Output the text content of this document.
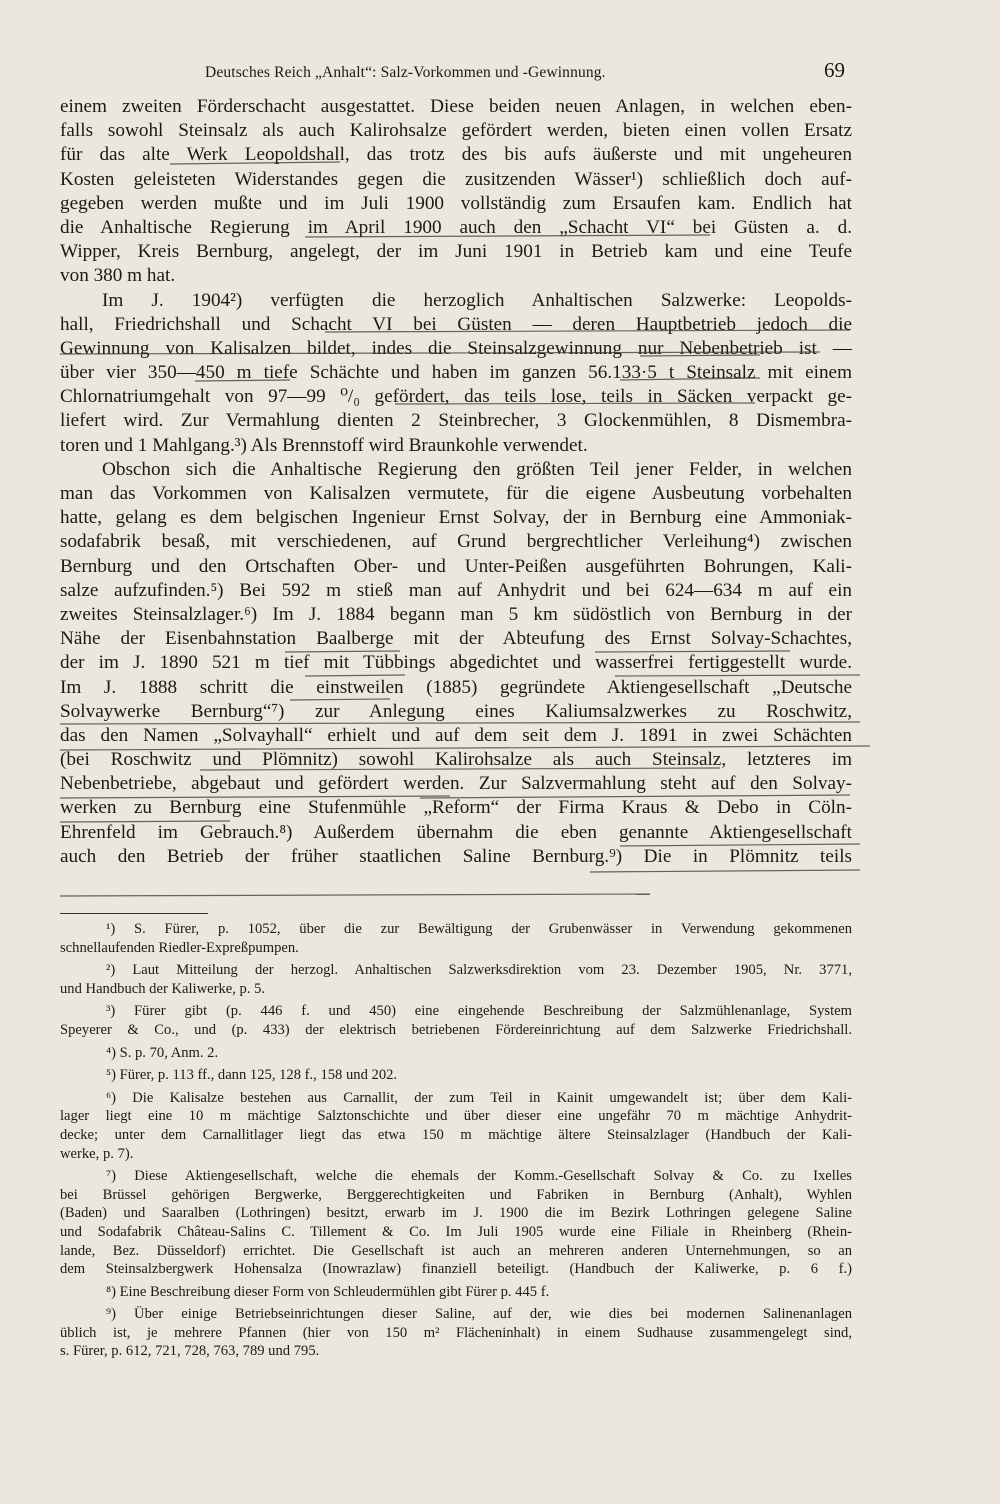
Deutsches Reich „Anhalt“: Salz-Vorkommen und -Gewinnung.	69
einem zweiten Förderschacht ausgestattet. Diese beiden neuen Anlagen, in welchen eben-
falls sowohl Steinsalz als auch Kalirohsalze gefördert werden, bieten einen vollen Ersatz
für das alte Werk Leopoldshall, das trotz des bis aufs äußerste und mit ungeheuren
Kosten geleisteten Widerstandes gegen die zusitzenden Wässer¹) schließlich doch auf-
gegeben werden mußte und im Juli 1900 vollständig zum Ersaufen kam. Endlich hat
die Anhaltische Regierung im April 1900 auch den „Schacht VI“ bei Güsten a. d.
Wipper, Kreis Bernburg, angelegt, der im Juni 1901 in Betrieb kam und eine Teufe
von 380 m hat.
Im J. 1904²) verfügten die herzoglich Anhaltischen Salzwerke: Leopolds-
hall, Friedrichshall und Schacht VI bei Güsten — deren Hauptbetrieb jedoch die
Gewinnung von Kalisalzen bildet, indes die Steinsalzgewinnung nur Nebenbetrieb ist —
über vier 350—450 m tiefe Schächte und haben im ganzen 56.133·5 t Steinsalz mit einem
Chlornatriumgehalt von 97—99 ⁰/₀ gefördert, das teils lose, teils in Säcken verpackt ge-
liefert wird. Zur Vermahlung dienten 2 Steinbrecher, 3 Glockenmühlen, 8 Dismembra-
toren und 1 Mahlgang.³) Als Brennstoff wird Braunkohle verwendet.
Obschon sich die Anhaltische Regierung den größten Teil jener Felder, in welchen
man das Vorkommen von Kalisalzen vermutete, für die eigene Ausbeutung vorbehalten
hatte, gelang es dem belgischen Ingenieur Ernst Solvay, der in Bernburg eine Ammoniak-
sodafabrik besaß, mit verschiedenen, auf Grund bergrechtlicher Verleihung⁴) zwischen
Bernburg und den Ortschaften Ober- und Unter-Peißen ausgeführten Bohrungen, Kali-
salze aufzufinden.⁵) Bei 592 m stieß man auf Anhydrit und bei 624—634 m auf ein
zweites Steinsalzlager.⁶) Im J. 1884 begann man 5 km südöstlich von Bernburg in der
Nähe der Eisenbahnstation Baalberge mit der Abteufung des Ernst Solvay-Schachtes,
der im J. 1890 521 m tief mit Tübbings abgedichtet und wasserfrei fertiggestellt wurde.
Im J. 1888 schritt die einstweilen (1885) gegründete Aktiengesellschaft „Deutsche
Solvaywerke Bernburg“⁷) zur Anlegung eines Kaliumsalzwerkes zu Roschwitz,
das den Namen „Solvayhall“ erhielt und auf dem seit dem J. 1891 in zwei Schächten
(bei Roschwitz und Plömnitz) sowohl Kalirohsalze als auch Steinsalz, letzteres im
Nebenbetriebe, abgebaut und gefördert werden. Zur Salzvermahlung steht auf den Solvay-
werken zu Bernburg eine Stufenmühle „Reform“ der Firma Kraus & Debo in Cöln-
Ehrenfeld im Gebrauch.⁸) Außerdem übernahm die eben genannte Aktiengesellschaft
auch den Betrieb der früher staatlichen Saline Bernburg.⁹) Die in Plömnitz teils
¹) S. Fürer, p. 1052, über die zur Bewältigung der Grubenwässer in Verwendung gekommenen
schnellaufenden Riedler-Expreßpumpen.
²) Laut Mitteilung der herzogl. Anhaltischen Salzwerksdirektion vom 23. Dezember 1905, Nr. 3771,
und Handbuch der Kaliwerke, p. 5.
³) Fürer gibt (p. 446 f. und 450) eine eingehende Beschreibung der Salzmühlenanlage, System
Speyerer & Co., und (p. 433) der elektrisch betriebenen Fördereinrichtung auf dem Salzwerke Friedrichshall.
⁴) S. p. 70, Anm. 2.
⁵) Fürer, p. 113 ff., dann 125, 128 f., 158 und 202.
⁶) Die Kalisalze bestehen aus Carnallit, der zum Teil in Kainit umgewandelt ist; über dem Kali-
lager liegt eine 10 m mächtige Salztonschichte und über dieser eine ungefähr 70 m mächtige Anhydrit-
decke; unter dem Carnallitlager liegt das etwa 150 m mächtige ältere Steinsalzlager (Handbuch der Kali-
werke, p. 7).
⁷) Diese Aktiengesellschaft, welche die ehemals der Komm.-Gesellschaft Solvay & Co. zu Ixelles
bei Brüssel gehörigen Bergwerke, Berggerechtigkeiten und Fabriken in Bernburg (Anhalt), Wyhlen
(Baden) und Saaralben (Lothringen) besitzt, erwarb im J. 1900 die im Bezirk Lothringen gelegene Saline
und Sodafabrik Château-Salins C. Tillement & Co. Im Juli 1905 wurde eine Filiale in Rheinberg (Rhein-
lande, Bez. Düsseldorf) errichtet. Die Gesellschaft ist auch an mehreren anderen Unternehmungen, so an
dem Steinsalzbergwerk Hohensalza (Inowrazlaw) finanziell beteiligt. (Handbuch der Kaliwerke, p. 6 f.)
⁸) Eine Beschreibung dieser Form von Schleudermühlen gibt Fürer p. 445 f.
⁹) Über einige Betriebseinrichtungen dieser Saline, auf der, wie dies bei modernen Salinenanlagen
üblich ist, je mehrere Pfannen (hier von 150 m² Flächeninhalt) in einem Sudhause zusammengelegt sind,
s. Fürer, p. 612, 721, 728, 763, 789 und 795.
